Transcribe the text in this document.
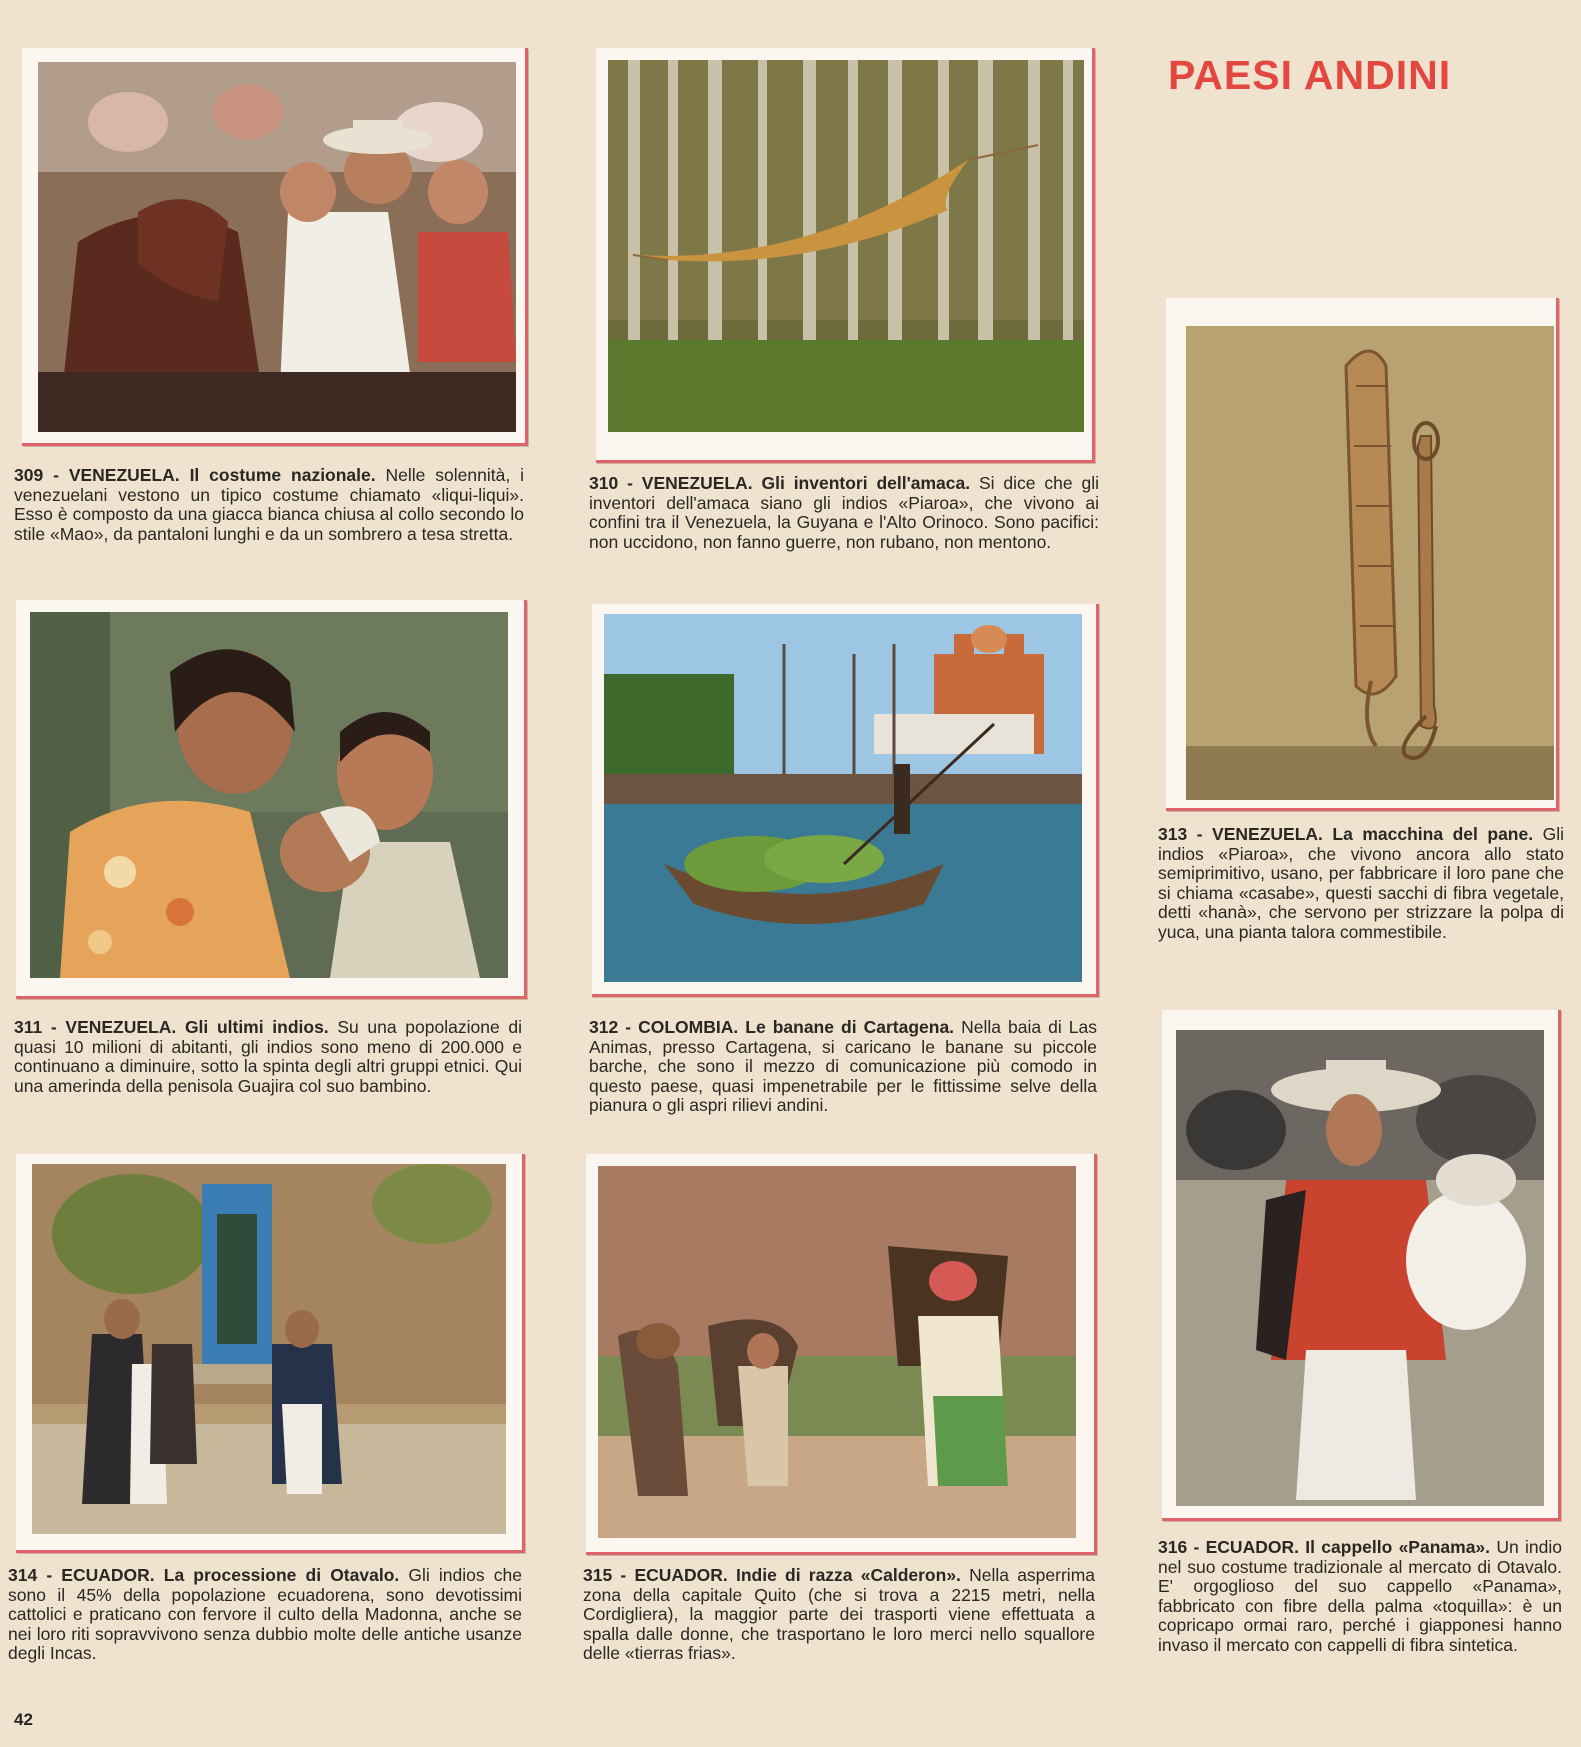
PAESI ANDINI
309 - VENEZUELA. Il costume nazionale. Nelle solennità, i venezuelani vestono un tipico costume chiamato «liqui-liqui». Esso è composto da una giacca bianca chiusa al collo secondo lo stile «Mao», da pantaloni lunghi e da un sombrero a tesa stretta.
310 - VENEZUELA. Gli inventori dell'amaca. Si dice che gli inventori dell'amaca siano gli indios «Piaroa», che vivono ai confini tra il Venezuela, la Guyana e l'Alto Orinoco. Sono pacifici: non uccidono, non fanno guerre, non rubano, non mentono.
313 - VENEZUELA. La macchina del pane. Gli indios «Piaroa», che vivono ancora allo stato semiprimitivo, usano, per fabbricare il loro pane che si chiama «casabe», questi sacchi di fibra vegetale, detti «hanà», che servono per strizzare la polpa di yuca, una pianta talora commestibile.
311 - VENEZUELA. Gli ultimi indios. Su una popolazione di quasi 10 milioni di abitanti, gli indios sono meno di 200.000 e continuano a diminuire, sotto la spinta degli altri gruppi etnici. Qui una amerinda della penisola Guajira col suo bambino.
312 - COLOMBIA. Le banane di Cartagena. Nella baia di Las Animas, presso Cartagena, si caricano le banane su piccole barche, che sono il mezzo di comunicazione più comodo in questo paese, quasi impenetrabile per le fittissime selve della pianura o gli aspri rilievi andini.
316 - ECUADOR. Il cappello «Panama». Un indio nel suo costume tradizionale al mercato di Otavalo. E' orgoglioso del suo cappello «Panama», fabbricato con fibre della palma «toquilla»: è un copricapo ormai raro, perché i giapponesi hanno invaso il mercato con cappelli di fibra sintetica.
314 - ECUADOR. La processione di Otavalo. Gli indios che sono il 45% della popolazione ecuadorena, sono devotissimi cattolici e praticano con fervore il culto della Madonna, anche se nei loro riti sopravvivono senza dubbio molte delle antiche usanze degli Incas.
315 - ECUADOR. Indie di razza «Calderon». Nella asperrima zona della capitale Quito (che si trova a 2215 metri, nella Cordigliera), la maggior parte dei trasporti viene effettuata a spalla dalle donne, che trasportano le loro merci nello squallore delle «tierras frias».
42
